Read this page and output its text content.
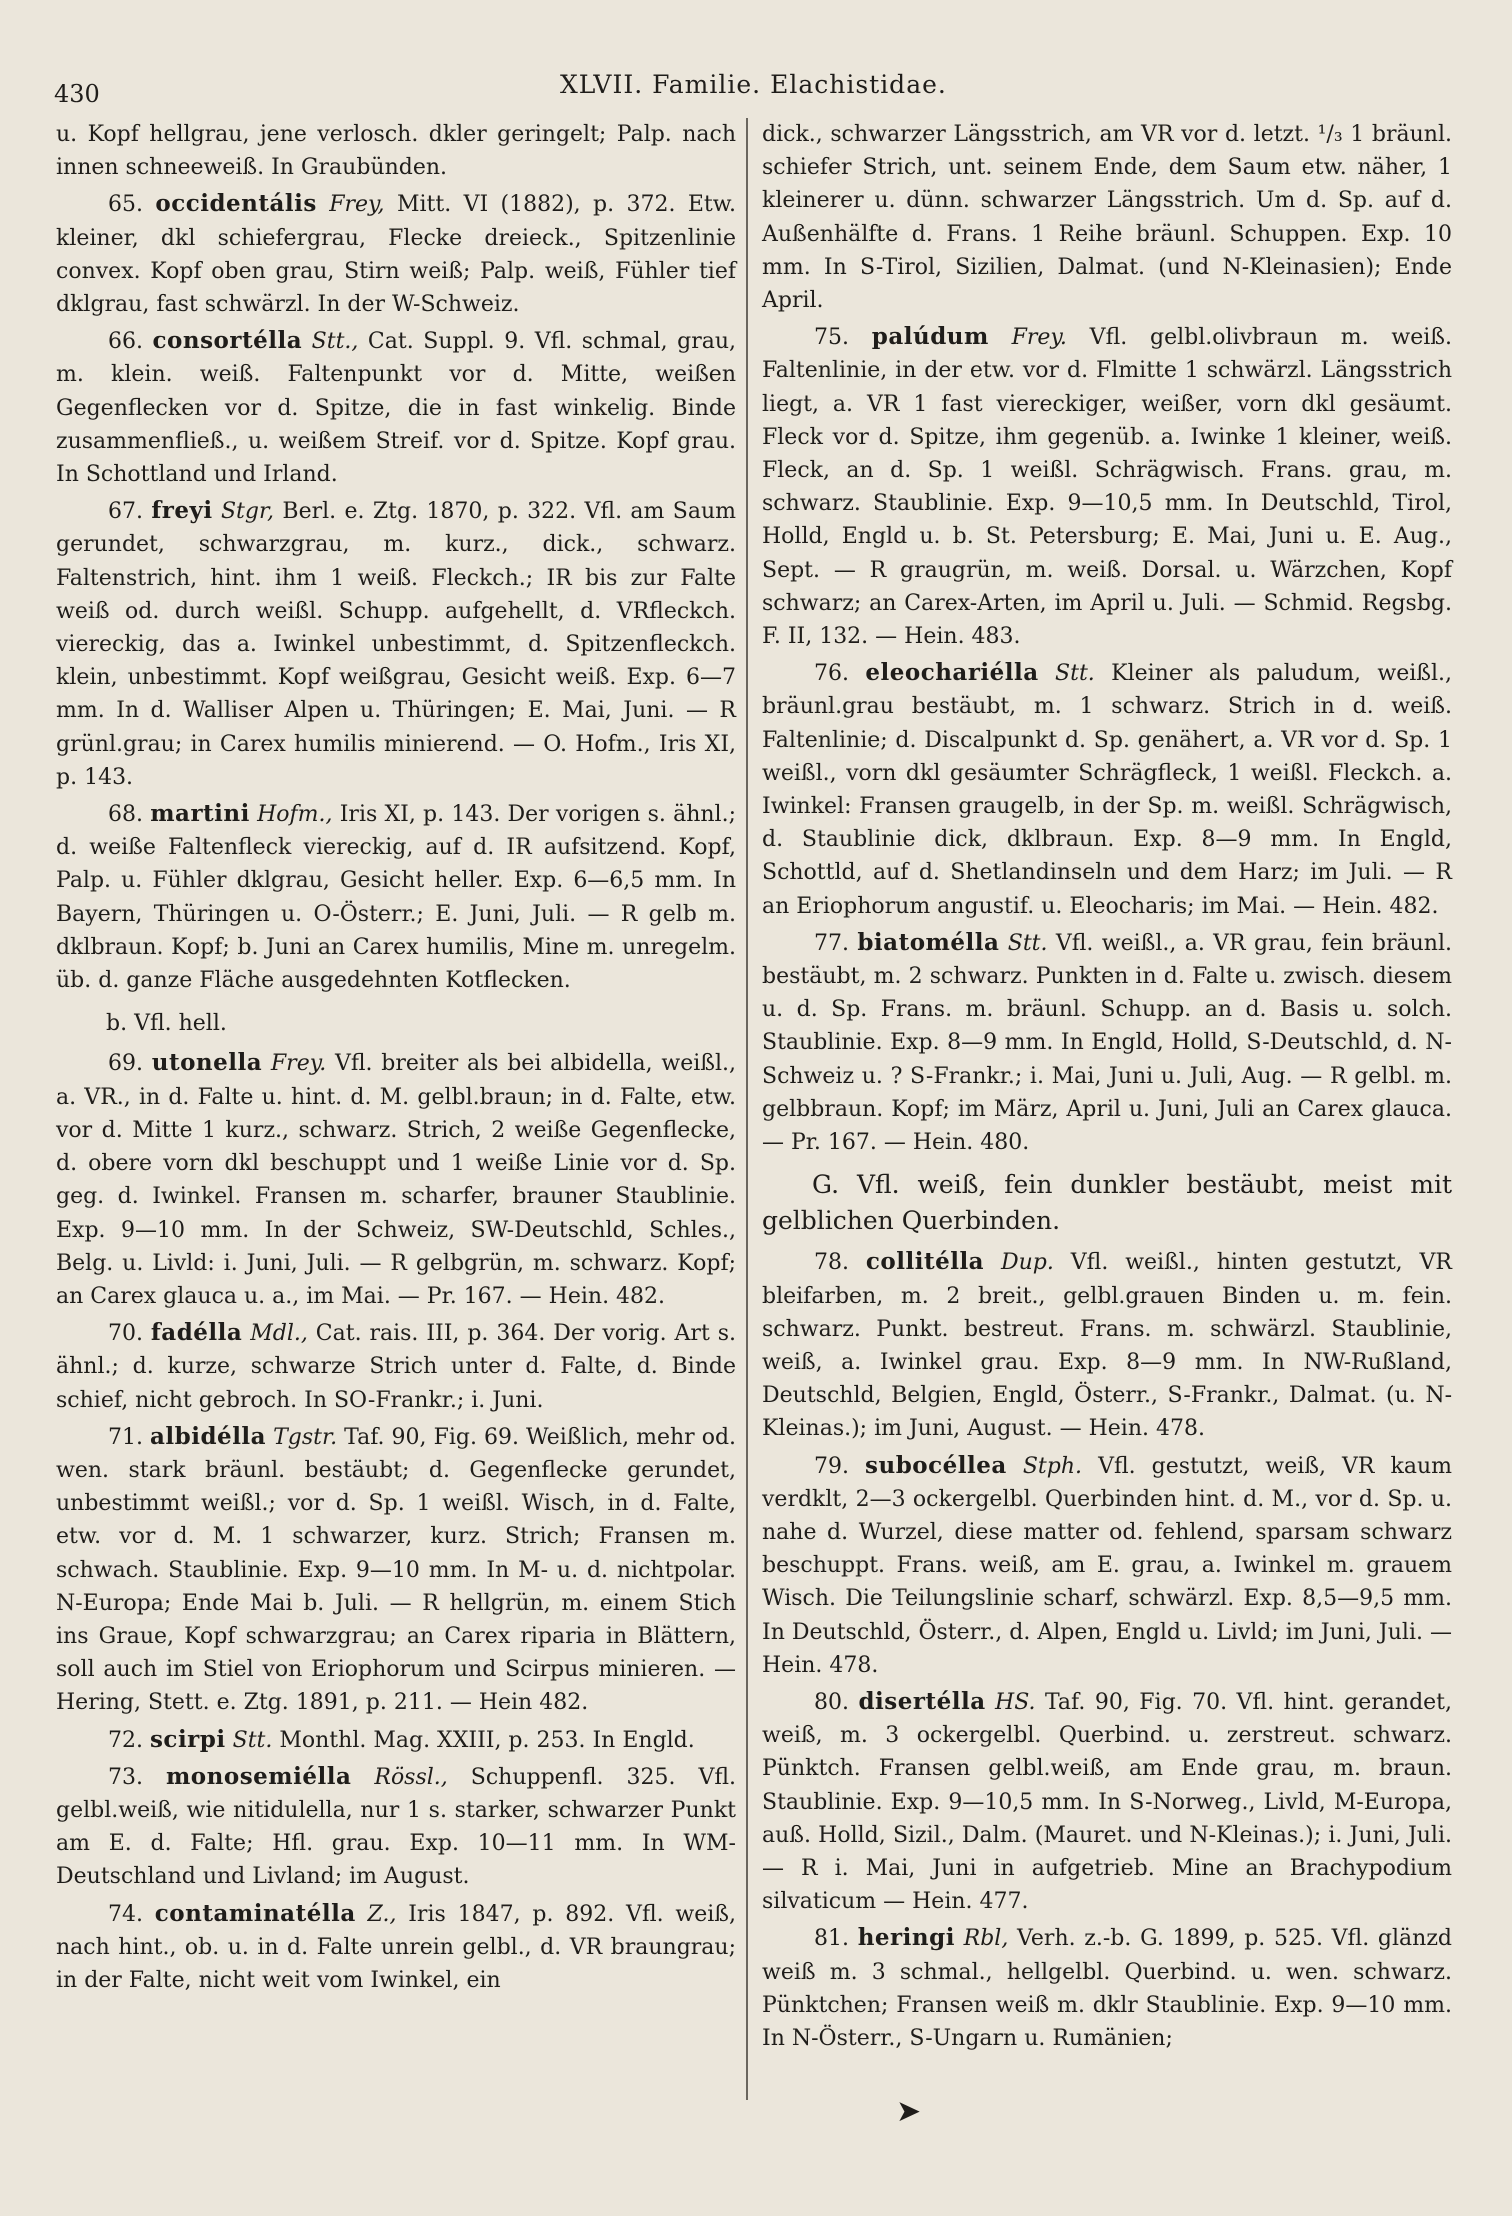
430	XLVII. Familie. Elachistidae.

u. Kopf hellgrau, jene verlosch. dkler geringelt; Palp. nach innen schneeweiß. In Graubünden.

65. occidentális Frey, Mitt. VI (1882), p. 372. Etw. kleiner, dkl schiefergrau, Flecke dreieck., Spitzenlinie convex. Kopf oben grau, Stirn weiß; Palp. weiß, Fühler tief dklgrau, fast schwärzl. In der W-Schweiz.

66. consortélla Stt., Cat. Suppl. 9. Vfl. schmal, grau, m. klein. weiß. Faltenpunkt vor d. Mitte, weißen Gegenflecken vor d. Spitze, die in fast winkelig. Binde zusammenfließ., u. weißem Streif. vor d. Spitze. Kopf grau. In Schottland und Irland.

67. freyi Stgr, Berl. e. Ztg. 1870, p. 322. Vfl. am Saum gerundet, schwarzgrau, m. kurz., dick., schwarz. Faltenstrich, hint. ihm 1 weiß. Fleckch.; IR bis zur Falte weiß od. durch weißl. Schupp. aufgehellt, d. VRfleckch. viereckig, das a. Iwinkel unbestimmt, d. Spitzenfleckch. klein, unbestimmt. Kopf weißgrau, Gesicht weiß. Exp. 6—7 mm. In d. Walliser Alpen u. Thüringen; E. Mai, Juni. — R grünl.grau; in Carex humilis minierend. — O. Hofm., Iris XI, p. 143.

68. martini Hofm., Iris XI, p. 143. Der vorigen s. ähnl.; d. weiße Faltenfleck viereckig, auf d. IR aufsitzend. Kopf, Palp. u. Fühler dklgrau, Gesicht heller. Exp. 6—6,5 mm. In Bayern, Thüringen u. O-Österr.; E. Juni, Juli. — R gelb m. dklbraun. Kopf; b. Juni an Carex humilis, Mine m. unregelm. üb. d. ganze Fläche ausgedehnten Kotflecken.

b. Vfl. hell.

69. utonella Frey. Vfl. breiter als bei albidella, weißl., a. VR., in d. Falte u. hint. d. M. gelbl.braun; in d. Falte, etw. vor d. Mitte 1 kurz., schwarz. Strich, 2 weiße Gegenflecke, d. obere vorn dkl beschuppt und 1 weiße Linie vor d. Sp. geg. d. Iwinkel. Fransen m. scharfer, brauner Staublinie. Exp. 9—10 mm. In der Schweiz, SW-Deutschld, Schles., Belg. u. Livld: i. Juni, Juli. — R gelbgrün, m. schwarz. Kopf; an Carex glauca u. a., im Mai. — Pr. 167. — Hein. 482.

70. fadélla Mdl., Cat. rais. III, p. 364. Der vorig. Art s. ähnl.; d. kurze, schwarze Strich unter d. Falte, d. Binde schief, nicht gebroch. In SO-Frankr.; i. Juni.

71. albidélla Tgstr. Taf. 90, Fig. 69. Weißlich, mehr od. wen. stark bräunl. bestäubt; d. Gegenflecke gerundet, unbestimmt weißl.; vor d. Sp. 1 weißl. Wisch, in d. Falte, etw. vor d. M. 1 schwarzer, kurz. Strich; Fransen m. schwach. Staublinie. Exp. 9—10 mm. In M- u. d. nichtpolar. N-Europa; Ende Mai b. Juli. — R hellgrün, m. einem Stich ins Graue, Kopf schwarzgrau; an Carex riparia in Blättern, soll auch im Stiel von Eriophorum und Scirpus minieren. — Hering, Stett. e. Ztg. 1891, p. 211. — Hein 482.

72. scirpi Stt. Monthl. Mag. XXIII, p. 253. In Engld.

73. monosemiélla Rössl., Schuppenfl. 325. Vfl. gelbl.weiß, wie nitidulella, nur 1 s. starker, schwarzer Punkt am E. d. Falte; Hfl. grau. Exp. 10—11 mm. In WM-Deutschland und Livland; im August.

74. contaminatélla Z., Iris 1847, p. 892. Vfl. weiß, nach hint., ob. u. in d. Falte unrein gelbl., d. VR braungrau; in der Falte, nicht weit vom Iwinkel, ein

dick., schwarzer Längsstrich, am VR vor d. letzt. ¹/₃ 1 bräunl. schiefer Strich, unt. seinem Ende, dem Saum etw. näher, 1 kleinerer u. dünn. schwarzer Längsstrich. Um d. Sp. auf d. Außenhälfte d. Frans. 1 Reihe bräunl. Schuppen. Exp. 10 mm. In S-Tirol, Sizilien, Dalmat. (und N-Kleinasien); Ende April.

75. palúdum Frey. Vfl. gelbl.olivbraun m. weiß. Faltenlinie, in der etw. vor d. Flmitte 1 schwärzl. Längsstrich liegt, a. VR 1 fast viereckiger, weißer, vorn dkl gesäumt. Fleck vor d. Spitze, ihm gegenüb. a. Iwinke 1 kleiner, weiß. Fleck, an d. Sp. 1 weißl. Schrägwisch. Frans. grau, m. schwarz. Staublinie. Exp. 9—10,5 mm. In Deutschld, Tirol, Holld, Engld u. b. St. Petersburg; E. Mai, Juni u. E. Aug., Sept. — R graugrün, m. weiß. Dorsal. u. Wärzchen, Kopf schwarz; an Carex-Arten, im April u. Juli. — Schmid. Regsbg. F. II, 132. — Hein. 483.

76. eleochariélla Stt. Kleiner als paludum, weißl., bräunl.grau bestäubt, m. 1 schwarz. Strich in d. weiß. Faltenlinie; d. Discalpunkt d. Sp. genähert, a. VR vor d. Sp. 1 weißl., vorn dkl gesäumter Schrägfleck, 1 weißl. Fleckch. a. Iwinkel: Fransen graugelb, in der Sp. m. weißl. Schrägwisch, d. Staublinie dick, dklbraun. Exp. 8—9 mm. In Engld, Schottld, auf d. Shetlandinseln und dem Harz; im Juli. — R an Eriophorum angustif. u. Eleocharis; im Mai. — Hein. 482.

77. biatomélla Stt. Vfl. weißl., a. VR grau, fein bräunl. bestäubt, m. 2 schwarz. Punkten in d. Falte u. zwisch. diesem u. d. Sp. Frans. m. bräunl. Schupp. an d. Basis u. solch. Staublinie. Exp. 8—9 mm. In Engld, Holld, S-Deutschld, d. N-Schweiz u. ? S-Frankr.; i. Mai, Juni u. Juli, Aug. — R gelbl. m. gelbbraun. Kopf; im März, April u. Juni, Juli an Carex glauca. — Pr. 167. — Hein. 480.

G. Vfl. weiß, fein dunkler bestäubt, meist mit gelblichen Querbinden.

78. collitélla Dup. Vfl. weißl., hinten gestutzt, VR bleifarben, m. 2 breit., gelbl.grauen Binden u. m. fein. schwarz. Punkt. bestreut. Frans. m. schwärzl. Staublinie, weiß, a. Iwinkel grau. Exp. 8—9 mm. In NW-Rußland, Deutschld, Belgien, Engld, Österr., S-Frankr., Dalmat. (u. N-Kleinas.); im Juni, August. — Hein. 478.

79. subocéllea Stph. Vfl. gestutzt, weiß, VR kaum verdklt, 2—3 ockergelbl. Querbinden hint. d. M., vor d. Sp. u. nahe d. Wurzel, diese matter od. fehlend, sparsam schwarz beschuppt. Frans. weiß, am E. grau, a. Iwinkel m. grauem Wisch. Die Teilungslinie scharf, schwärzl. Exp. 8,5—9,5 mm. In Deutschld, Österr., d. Alpen, Engld u. Livld; im Juni, Juli. — Hein. 478.

80. disertélla HS. Taf. 90, Fig. 70. Vfl. hint. gerandet, weiß, m. 3 ockergelbl. Querbind. u. zerstreut. schwarz. Pünktch. Fransen gelbl.weiß, am Ende grau, m. braun. Staublinie. Exp. 9—10,5 mm. In S-Norweg., Livld, M-Europa, auß. Holld, Sizil., Dalm. (Mauret. und N-Kleinas.); i. Juni, Juli. — R i. Mai, Juni in aufgetrieb. Mine an Brachypodium silvaticum — Hein. 477.

81. heringi Rbl, Verh. z.-b. G. 1899, p. 525. Vfl. glänzd weiß m. 3 schmal., hellgelbl. Querbind. u. wen. schwarz. Pünktchen; Fransen weiß m. dklr Staublinie. Exp. 9—10 mm. In N-Österr., S-Ungarn u. Rumänien;

➤
